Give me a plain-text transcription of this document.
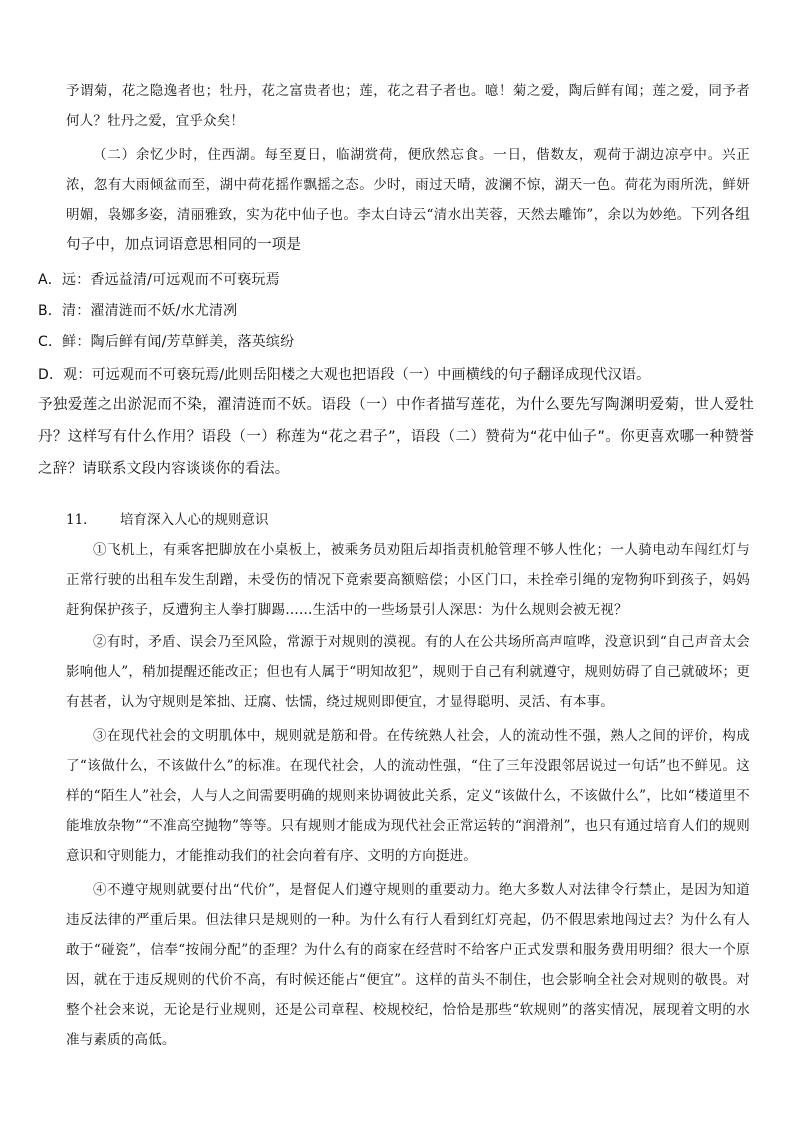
予谓菊，花之隐逸者也；牡丹，花之富贵者也；莲，花之君子者也。噫！菊之爱，陶后鲜有闻；莲之爱，同予者何人？牡丹之爱，宜乎众矣！

（二）余忆少时，住西湖。每至夏日，临湖赏荷，便欣然忘食。一日，偕数友，观荷于湖边凉亭中。兴正浓，忽有大雨倾盆而至，湖中荷花摇作飘摇之态。少时，雨过天晴，波澜不惊，湖天一色。荷花为雨所洗，鲜妍明媚，袅娜多姿，清丽雅致，实为花中仙子也。李太白诗云“清水出芙蓉，天然去雕饰”，余以为妙绝。下列各组句子中，加点词语意思相同的一项是

A．远：香远益清/可远观而不可亵玩焉

B．清：濯清涟而不妖/水尤清冽

C．鲜：陶后鲜有闻/芳草鲜美，落英缤纷

D．观：可远观而不可亵玩焉/此则岳阳楼之大观也把语段（一）中画横线的句子翻译成现代汉语。

予独爱莲之出淤泥而不染，濯清涟而不妖。语段（一）中作者描写莲花，为什么要先写陶渊明爱菊，世人爱牡丹？这样写有什么作用？语段（一）称莲为“花之君子”，语段（二）赞荷为“花中仙子”。你更喜欢哪一种赞誉之辞？请联系文段内容谈谈你的看法。

11． 培育深入人心的规则意识

①飞机上，有乘客把脚放在小桌板上，被乘务员劝阻后却指责机舱管理不够人性化；一人骑电动车闯红灯与正常行驶的出租车发生刮蹭，未受伤的情况下竟索要高额赔偿；小区门口，未拴牵引绳的宠物狗吓到孩子，妈妈赶狗保护孩子，反遭狗主人拳打脚踢……生活中的一些场景引人深思：为什么规则会被无视？

②有时，矛盾、误会乃至风险，常源于对规则的漠视。有的人在公共场所高声喧哗，没意识到“自己声音太会影响他人”，稍加提醒还能改正；但也有人属于“明知故犯”，规则于自己有利就遵守，规则妨碍了自己就破坏；更有甚者，认为守规则是笨拙、迂腐、怯懦，绕过规则即便宜，才显得聪明、灵活、有本事。

③在现代社会的文明肌体中，规则就是筋和骨。在传统熟人社会，人的流动性不强，熟人之间的评价，构成了“该做什么，不该做什么”的标准。在现代社会，人的流动性强，“住了三年没跟邻居说过一句话”也不鲜见。这样的“陌生人”社会，人与人之间需要明确的规则来协调彼此关系，定义“该做什么，不该做什么”，比如“楼道里不能堆放杂物”“不准高空抛物”等等。只有规则才能成为现代社会正常运转的“润滑剂”，也只有通过培育人们的规则意识和守则能力，才能推动我们的社会向着有序、文明的方向挺进。

④不遵守规则就要付出“代价”，是督促人们遵守规则的重要动力。绝大多数人对法律令行禁止，是因为知道违反法律的严重后果。但法律只是规则的一种。为什么有行人看到红灯亮起，仍不假思索地闯过去？为什么有人敢于“碰瓷”，信奉“按闹分配”的歪理？为什么有的商家在经营时不给客户正式发票和服务费用明细？很大一个原因，就在于违反规则的代价不高，有时候还能占“便宜”。这样的苗头不制住，也会影响全社会对规则的敬畏。对整个社会来说，无论是行业规则，还是公司章程、校规校纪，恰恰是那些“软规则”的落实情况，展现着文明的水准与素质的高低。
